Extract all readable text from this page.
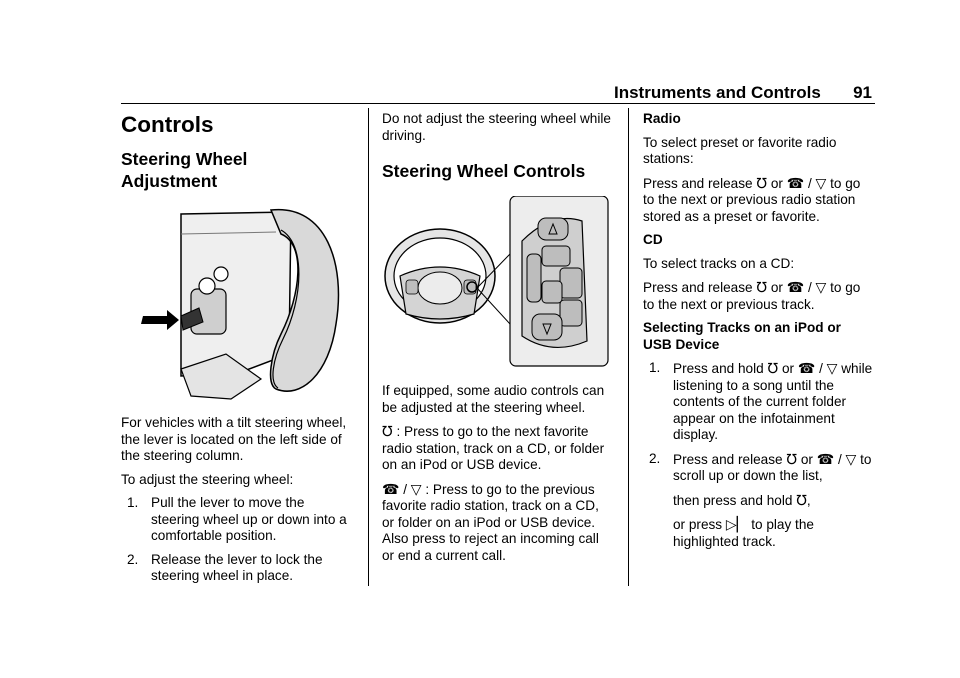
Instruments and Controls 91
Controls
Steering Wheel
Adjustment

For vehicles with a tilt steering wheel, the lever is located on the left side of the steering column.

To adjust the steering wheel:

1. Pull the lever to move the steering wheel up or down into a comfortable position.
2. Release the lever to lock the steering wheel in place.

Do not adjust the steering wheel while driving.

Steering Wheel Controls

If equipped, some audio controls can be adjusted at the steering wheel.

℧ : Press to go to the next favorite radio station, track on a CD, or folder on an iPod or USB device.

☎ / ▽ : Press to go to the previous favorite radio station, track on a CD, or folder on an iPod or USB device. Also press to reject an incoming call or end a current call.

Radio

To select preset or favorite radio stations:

Press and release ℧ or ☎ / ▽ to go to the next or previous radio station stored as a preset or favorite.

CD

To select tracks on a CD:

Press and release ℧ or ☎ / ▽ to go to the next or previous track.

Selecting Tracks on an iPod or USB Device
1. Press and hold ℧ or ☎ / ▽ while listening to a song until the contents of the current folder appear on the infotainment display.
2. Press and release ℧ or ☎ / ▽ to scroll up or down the list,
then press and hold ℧,
or press ▷▏ to play the highlighted track.
